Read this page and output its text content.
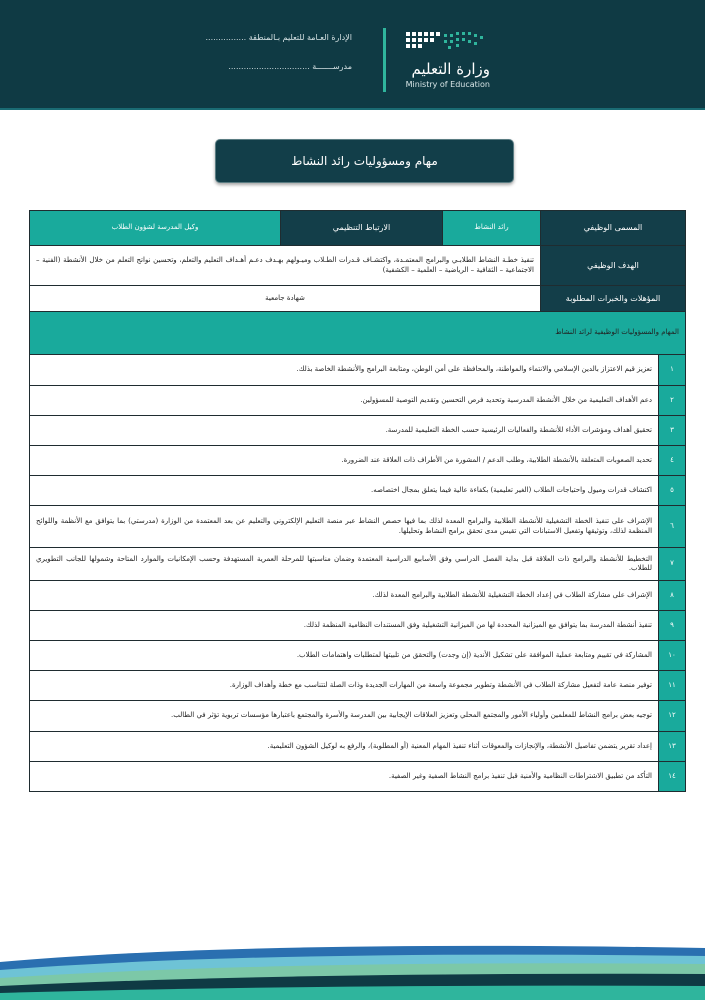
الإدارة العـامة للتعليم بـالمنطقة ................
مدرســـــــة ................................	وزارة التعليم
Ministry of Education
مهام ومسؤوليات رائد النشاط
المسمى الوظيفي		رائد النشاط	الارتباط التنظيمي	وكيل المدرسة لشؤون الطلاب
الهدف الوظيفي		تنفيذ خطـة النشاط الطلابـي والبرامج المعتمـدة، واكتشـاف قـدرات الطـلاب وميـولهم بهـدف دعـم أهـداف التعليم والتعلم، وتحسين نواتج التعلم من خلال الأنشطة (الفنية – الاجتماعية – الثقافية – الرياضية – العلمية – الكشفية)		
المؤهلات والخبرات المطلوبة		شهادة جامعية		
المهام والمسؤوليات الوظيفية لرائد النشاط				
١	تعزيز قيم الاعتزاز بالدين الإسلامي والانتماء والمواطنة، والمحافظة على أمن الوطن، ومتابعة البرامج والأنشطة الخاصة بذلك.			
٢	دعم الأهداف التعليمية من خلال الأنشطة المدرسية وتحديد فرص التحسين وتقديم التوصية للمسؤولين.			
٣	تحقيق أهداف ومؤشرات الأداء للأنشطة والفعاليات الرئيسية حسب الخطة التعليمية للمدرسة.			
٤	تحديد الصعوبات المتعلقة بالأنشطة الطلابية، وطلب الدعم / المشورة من الأطراف ذات العلاقة عند الضرورة.			
٥	اكتشاف قدرات وميول واحتياجات الطلاب (الغير تعليمية) بكفاءة عالية فيما يتعلق بمجال اختصاصه.			
٦	الإشراف على تنفيذ الخطة التشغيلية للأنشطة الطلابية والبرامج المعدة لذلك بما فيها حصص النشاط عبر منصة التعليم الإلكتروني والتعليم عن بعد المعتمدة من الوزارة (مدرستي) بما يتوافق مع الأنظمة واللوائح المنظمة لذلك، وتوثيقها وتفعيل الاستبانات التي تقيس مدى تحقق برامج النشاط وتحليلها.			
٧	التخطيط للأنشطة والبرامج ذات العلاقة قبل بداية الفصل الدراسي وفق الأسابيع الدراسية المعتمدة وضمان مناسبتها للمرحلة العمرية المستهدفة وحسب الإمكانيات والموارد المتاحة وشمولها للجانب التطويري للطلاب.			
٨	الإشراف على مشاركة الطلاب في إعداد الخطة التشغيلية للأنشطة الطلابية والبرامج المعدة لذلك.			
٩	تنفيذ أنشطة المدرسة بما يتوافق مع الميزانية المحددة لها من الميزانية التشغيلية وفق المستندات النظامية المنظمة لذلك.			
١٠	المشاركة في تقييم ومتابعة عملية الموافقة على تشكيل الأندية (إن وجدت) والتحقق من تلبيتها لمتطلبات واهتمامات الطلاب.			
١١	توفير منصة عامة لتفعيل مشاركة الطلاب في الأنشطة وتطوير مجموعة واسعة من المهارات الجديدة وذات الصلة لتتناسب مع خطة وأهداف الوزارة.			
١٢	توجيه بعض برامج النشاط للمعلمين وأولياء الأمور والمجتمع المحلي وتعزيز العلاقات الإيجابية بين المدرسة والأسرة والمجتمع باعتبارها مؤسسات تربوية تؤثر في الطالب.			
١٣	إعداد تقرير يتضمن تفاصيل الأنشطة، والإنجازات والمعوقات أثناء تنفيذ المهام المعنية (أو المطلوبة)، والرفع به لوكيل الشؤون التعليمية.			
١٤	التأكد من تطبيق الاشتراطات النظامية والأمنية قبل تنفيذ برامج النشاط الصفية وغير الصفية.			
